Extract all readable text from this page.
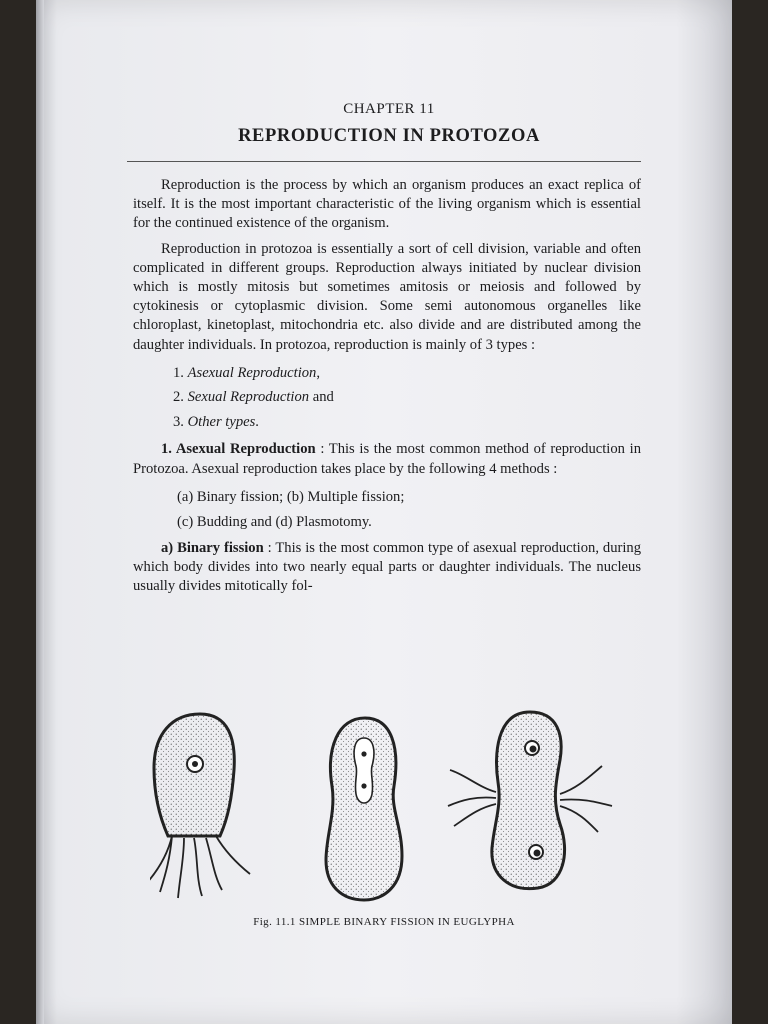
CHAPTER 11
REPRODUCTION IN PROTOZOA

Reproduction is the process by which an organism produces an exact replica of itself. It is the most important characteristic of the living organism which is essential for the continued existence of the organism.

Reproduction in protozoa is essentially a sort of cell division, variable and often complicated in different groups. Reproduction always initiated by nuclear division which is mostly mitosis but sometimes amitosis or meiosis and followed by cytokinesis or cytoplasmic division. Some semi autonomous organelles like chloroplast, kinetoplast, mitochondria etc. also divide and are distributed among the daughter individuals. In protozoa, reproduction is mainly of 3 types :

1. Asexual Reproduction,
2. Sexual Reproduction and
3. Other types.

1. Asexual Reproduction : This is the most common method of reproduction in Protozoa. Asexual reproduction takes place by the following 4 methods :

(a) Binary fission; (b) Multiple fission;
(c) Budding and (d) Plasmotomy.

a) Binary fission : This is the most common type of asexual reproduction, during which body divides into two nearly equal parts or daughter individuals. The nucleus usually divides mitotically fol-

Fig. 11.1 SIMPLE BINARY FISSION IN EUGLYPHA
